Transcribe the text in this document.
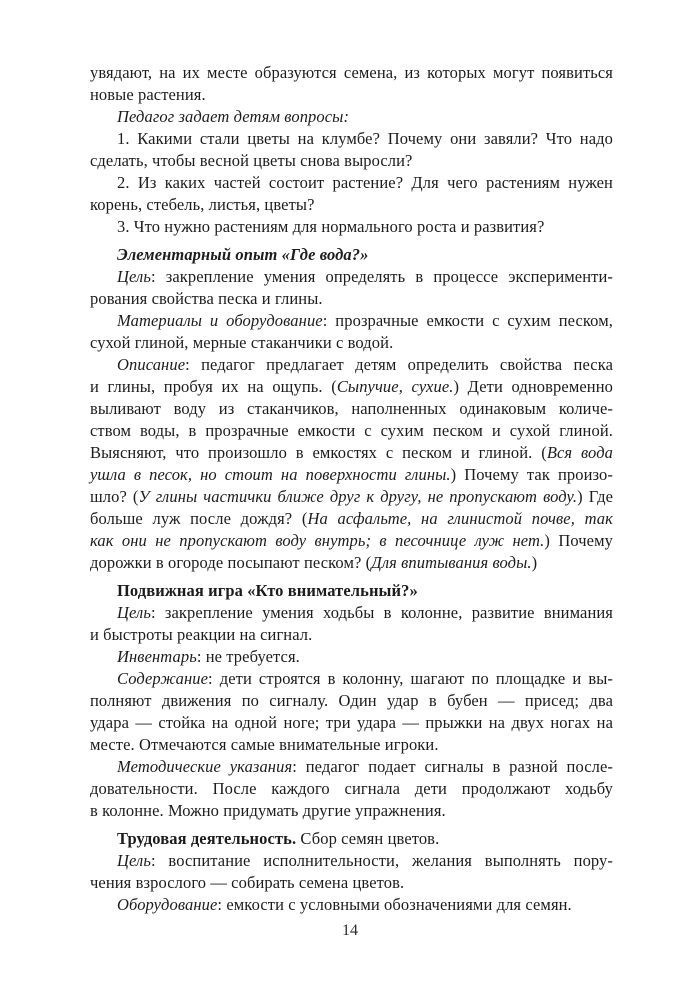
увядают, на их месте образуются семена, из которых могут появиться
новые растения.
Педагог задает детям вопросы:
1. Какими стали цветы на клумбе? Почему они завяли? Что надо
сделать, чтобы весной цветы снова выросли?
2. Из каких частей состоит растение? Для чего растениям нужен
корень, стебель, листья, цветы?
3. Что нужно растениям для нормального роста и развития?
Элементарный опыт «Где вода?»
Цель: закрепление умения определять в процессе эксперименти-
рования свойства песка и глины.
Материалы и оборудование: прозрачные емкости с сухим песком,
сухой глиной, мерные стаканчики с водой.
Описание: педагог предлагает детям определить свойства песка
и глины, пробуя их на ощупь. (Сыпучие, сухие.) Дети одновременно
выливают воду из стаканчиков, наполненных одинаковым количе-
ством воды, в прозрачные емкости с сухим песком и сухой глиной.
Выясняют, что произошло в емкостях с песком и глиной. (Вся вода
ушла в песок, но стоит на поверхности глины.) Почему так произо-
шло? (У глины частички ближе друг к другу, не пропускают воду.) Где
больше луж после дождя? (На асфальте, на глинистой почве, так
как они не пропускают воду внутрь; в песочнице луж нет.) Почему
дорожки в огороде посыпают песком? (Для впитывания воды.)
Подвижная игра «Кто внимательный?»
Цель: закрепление умения ходьбы в колонне, развитие внимания
и быстроты реакции на сигнал.
Инвентарь: не требуется.
Содержание: дети строятся в колонну, шагают по площадке и вы-
полняют движения по сигналу. Один удар в бубен — присед; два
удара — стойка на одной ноге; три удара — прыжки на двух ногах на
месте. Отмечаются самые внимательные игроки.
Методические указания: педагог подает сигналы в разной после-
довательности. После каждого сигнала дети продолжают ходьбу
в колонне. Можно придумать другие упражнения.
Трудовая деятельность. Сбор семян цветов.
Цель: воспитание исполнительности, желания выполнять пору-
чения взрослого — собирать семена цветов.
Оборудование: емкости с условными обозначениями для семян.
14
